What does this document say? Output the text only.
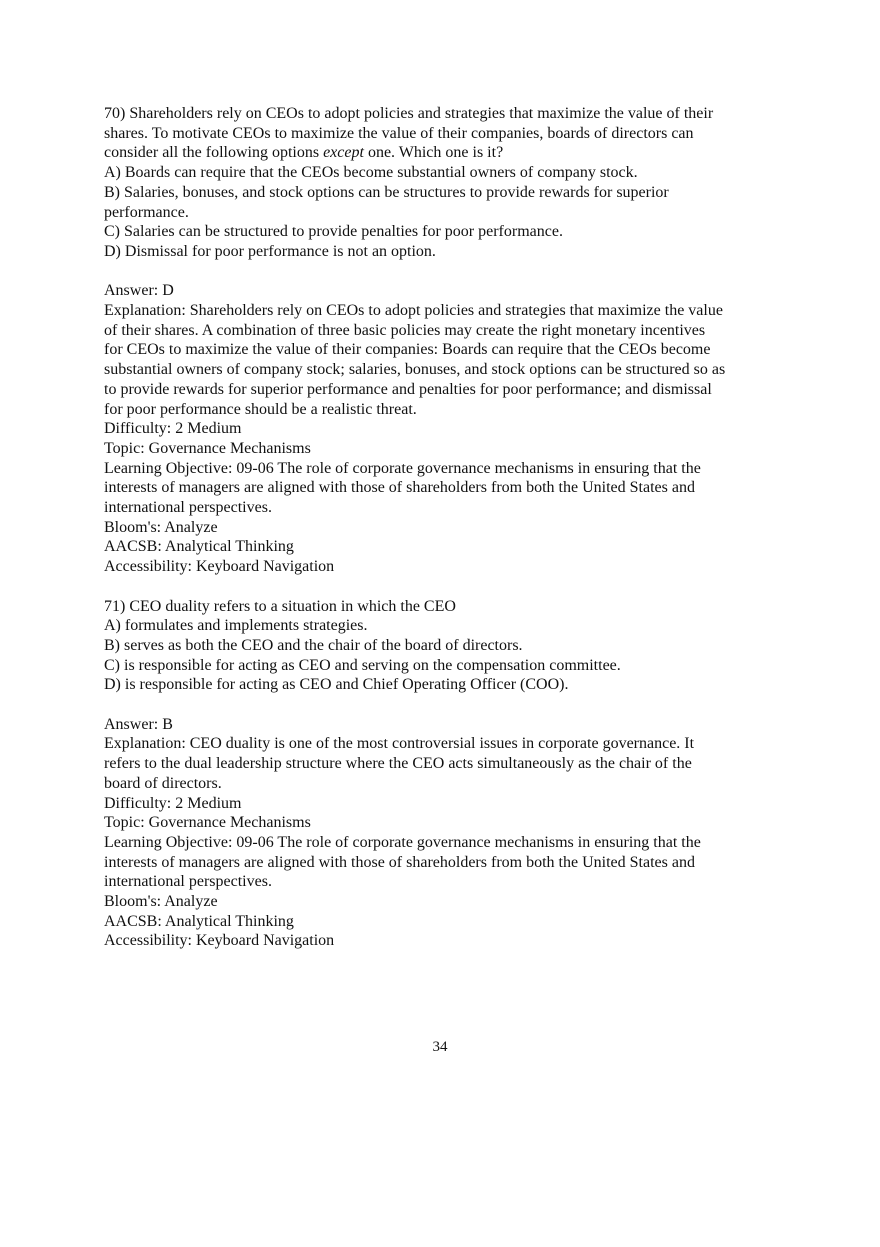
70) Shareholders rely on CEOs to adopt policies and strategies that maximize the value of their
shares. To motivate CEOs to maximize the value of their companies, boards of directors can
consider all the following options except one. Which one is it?
A) Boards can require that the CEOs become substantial owners of company stock.
B) Salaries, bonuses, and stock options can be structures to provide rewards for superior
performance.
C) Salaries can be structured to provide penalties for poor performance.
D) Dismissal for poor performance is not an option.
Answer: D
Explanation: Shareholders rely on CEOs to adopt policies and strategies that maximize the value
of their shares. A combination of three basic policies may create the right monetary incentives
for CEOs to maximize the value of their companies: Boards can require that the CEOs become
substantial owners of company stock; salaries, bonuses, and stock options can be structured so as
to provide rewards for superior performance and penalties for poor performance; and dismissal
for poor performance should be a realistic threat.
Difficulty: 2 Medium
Topic: Governance Mechanisms
Learning Objective: 09-06 The role of corporate governance mechanisms in ensuring that the
interests of managers are aligned with those of shareholders from both the United States and
international perspectives.
Bloom's: Analyze
AACSB: Analytical Thinking
Accessibility: Keyboard Navigation
71) CEO duality refers to a situation in which the CEO
A) formulates and implements strategies.
B) serves as both the CEO and the chair of the board of directors.
C) is responsible for acting as CEO and serving on the compensation committee.
D) is responsible for acting as CEO and Chief Operating Officer (COO).
Answer: B
Explanation: CEO duality is one of the most controversial issues in corporate governance. It
refers to the dual leadership structure where the CEO acts simultaneously as the chair of the
board of directors.
Difficulty: 2 Medium
Topic: Governance Mechanisms
Learning Objective: 09-06 The role of corporate governance mechanisms in ensuring that the
interests of managers are aligned with those of shareholders from both the United States and
international perspectives.
Bloom's: Analyze
AACSB: Analytical Thinking
Accessibility: Keyboard Navigation
34
